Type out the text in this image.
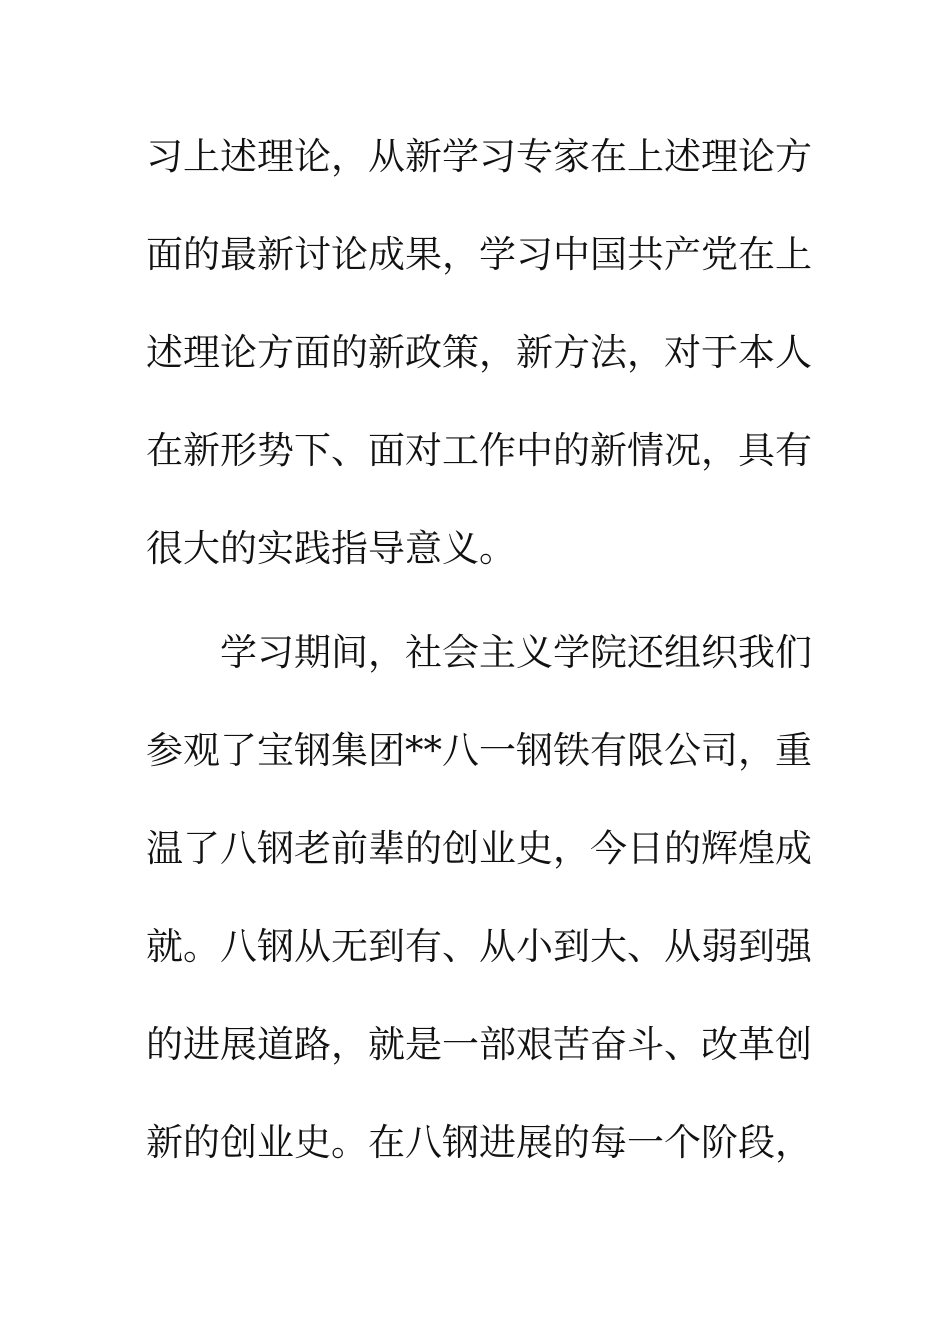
习上述理论，从新学习专家在上述理论方
面的最新讨论成果，学习中国共产党在上
述理论方面的新政策，新方法，对于本人
在新形势下、面对工作中的新情况，具有
很大的实践指导意义。
学习期间，社会主义学院还组织我们
参观了宝钢集团**八一钢铁有限公司，重
温了八钢老前辈的创业史，今日的辉煌成
就。八钢从无到有、从小到大、从弱到强
的进展道路，就是一部艰苦奋斗、改革创
新的创业史。在八钢进展的每一个阶段，
